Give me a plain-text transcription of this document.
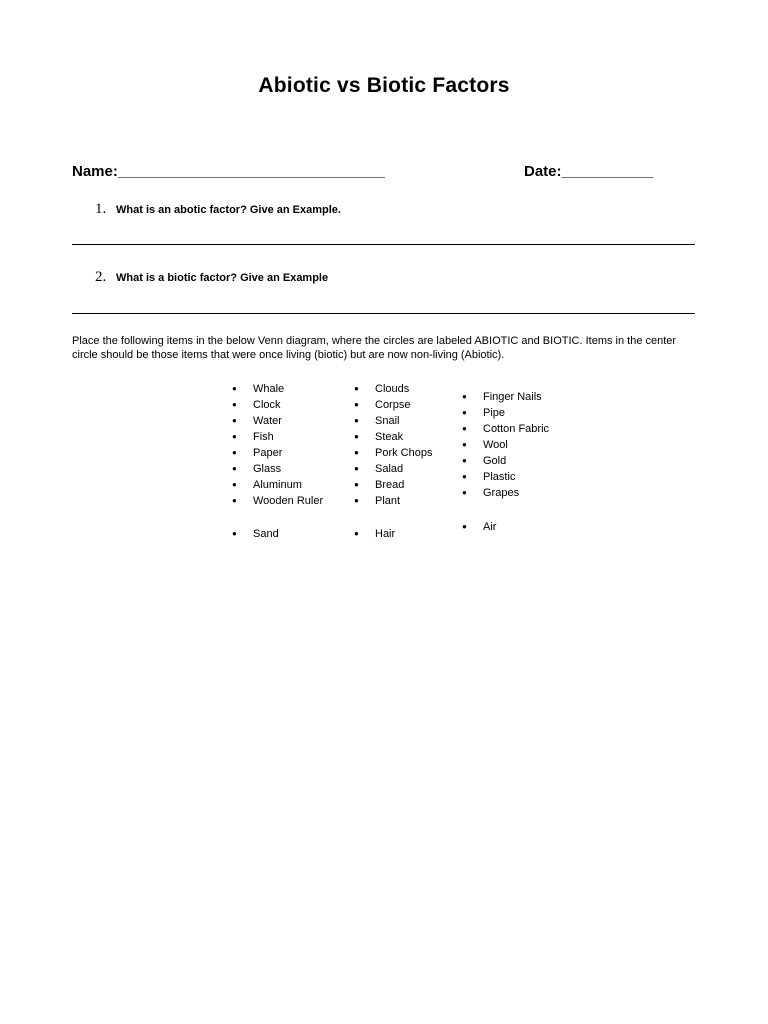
Abiotic vs Biotic Factors
Name:________________________________	Date:___________
1. What is an abotic factor? Give an Example.
2. What is a biotic factor? Give an Example
Place the following items in the below Venn diagram, where the circles are labeled ABIOTIC and BIOTIC. Items in the center circle should be those items that were once living (biotic) but are now non-living (Abiotic).
● Whale
● Clock
● Water
● Fish
● Paper
● Glass
● Aluminum
● Wooden Ruler
● Sand
● Clouds
● Corpse
● Snail
● Steak
● Pork Chops
● Salad
● Bread
● Plant
● Hair
● Finger Nails
● Pipe
● Cotton Fabric
● Wool
● Gold
● Plastic
● Grapes
● Air
